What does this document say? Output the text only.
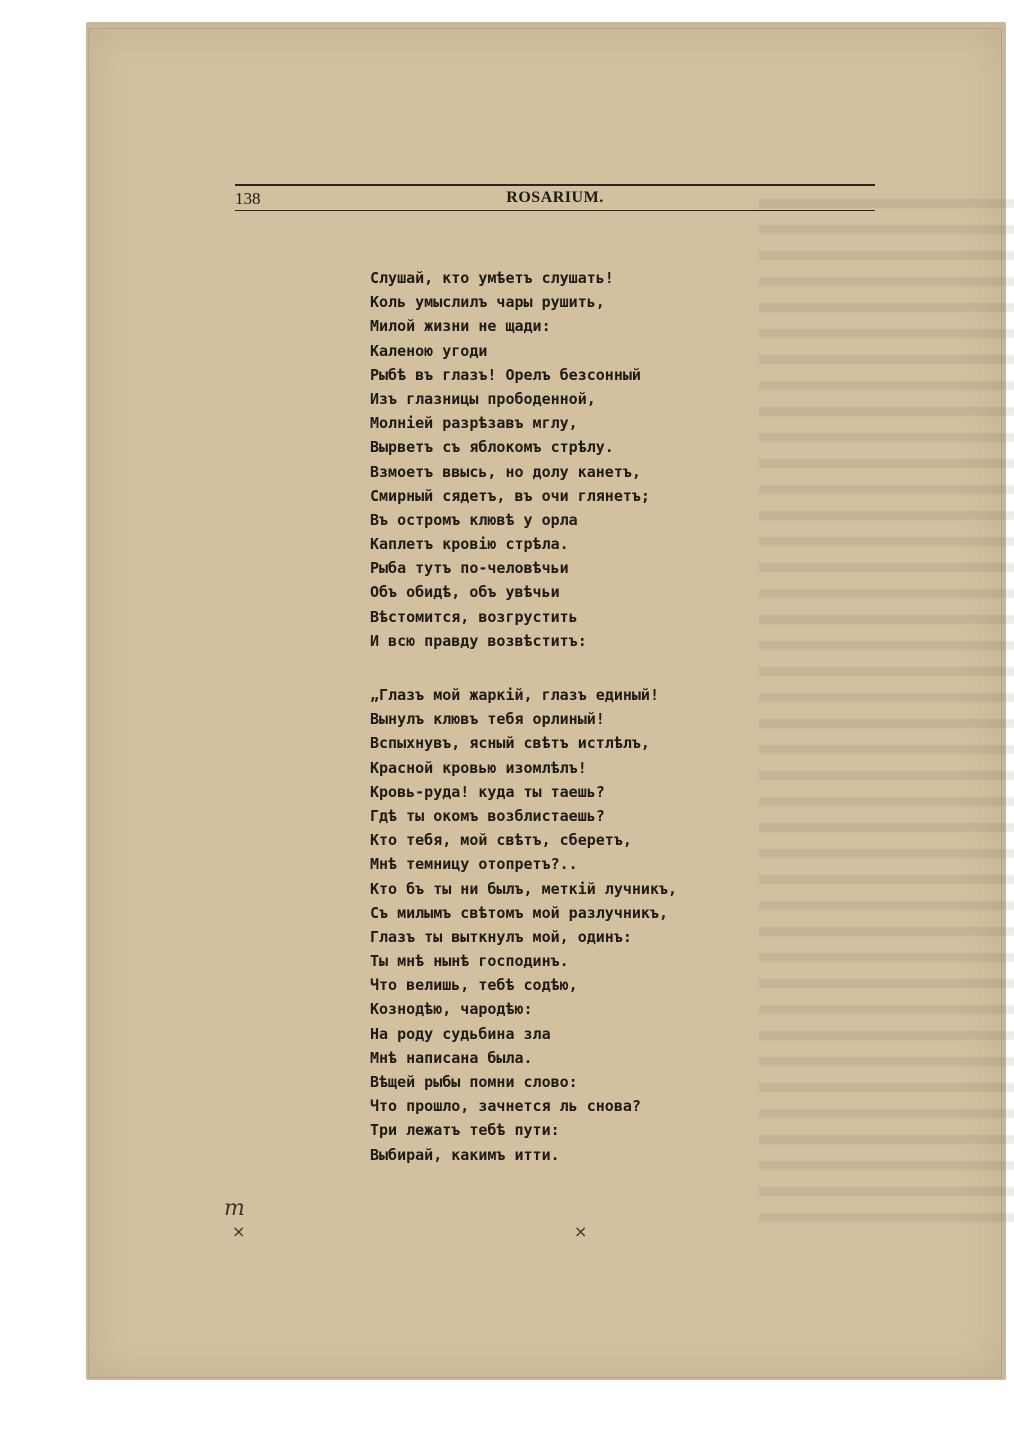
138	ROSARIUM.
Слушай, кто умѣетъ слушать!
Коль умыслилъ чары рушить,
Милой жизни не щади:
Каленою угоди
Рыбѣ въ глазъ! Орелъ безсонный
Изъ глазницы прободенной,
Молніей разрѣзавъ мглу,
Вырветъ съ яблокомъ стрѣлу.
Взмоетъ ввысь, но долу канетъ,
Смирный сядетъ, въ очи глянетъ;
Въ остромъ клювѣ у орла
Каплетъ кровію стрѣла.
Рыба тутъ по-человѣчьи
Объ обидѣ, объ увѣчьи
Вѣстомится, возгрустить
И всю правду возвѣститъ:
„Глазъ мой жаркій, глазъ единый!
Вынулъ клювъ тебя орлиный!
Вспыхнувъ, ясный свѣтъ истлѣлъ,
Красной кровью изомлѣлъ!
Кровь-руда! куда ты таешь?
Гдѣ ты окомъ возблистаешь?
Кто тебя, мой свѣтъ, сберетъ,
Мнѣ темницу отопретъ?..
Кто бъ ты ни былъ, меткій лучникъ,
Съ милымъ свѣтомъ мой разлучникъ,
Глазъ ты выткнулъ мой, одинъ:
Ты мнѣ нынѣ господинъ.
Что велишь, тебѣ содѣю,
Кознодѣю, чародѣю:
На роду судьбина зла
Мнѣ написана была.
Вѣщей рыбы помни слово:
Что прошло, зачнется ль снова?
Три лежатъ тебѣ пути:
Выбирай, какимъ итти.
m
×	×
